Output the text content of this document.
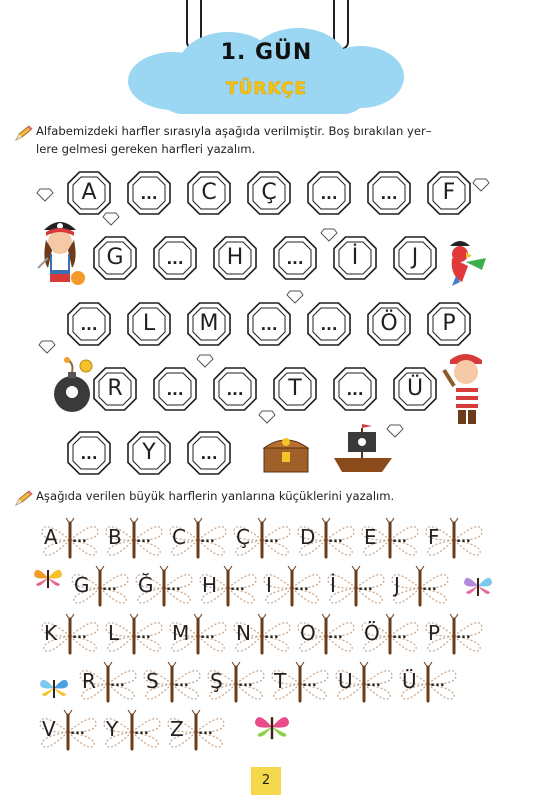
1. GÜN
TÜRKÇE
Alfabemizdeki harfler sırasıyla aşağıda verilmiştir. Boş bırakılan yer–
lere gelmesi gereken harfleri yazalım.
A	...	C	Ç	...	...	F
G	...	H	...	İ	J
...	L	M	...	...	Ö	P
R	...	...	T	...	Ü
...	Y	...
Aşağıda verilen büyük harflerin yanlarına küçüklerini yazalım.
A ... B ... C ... Ç ... D ... E ... F ...
G ... Ğ ... H ... I ... İ ... J ...
K ... L ... M ... N ... O ... Ö ... P ...
R ... S ... Ş ... T ... U ... Ü ...
V ... Y ... Z ...
2
